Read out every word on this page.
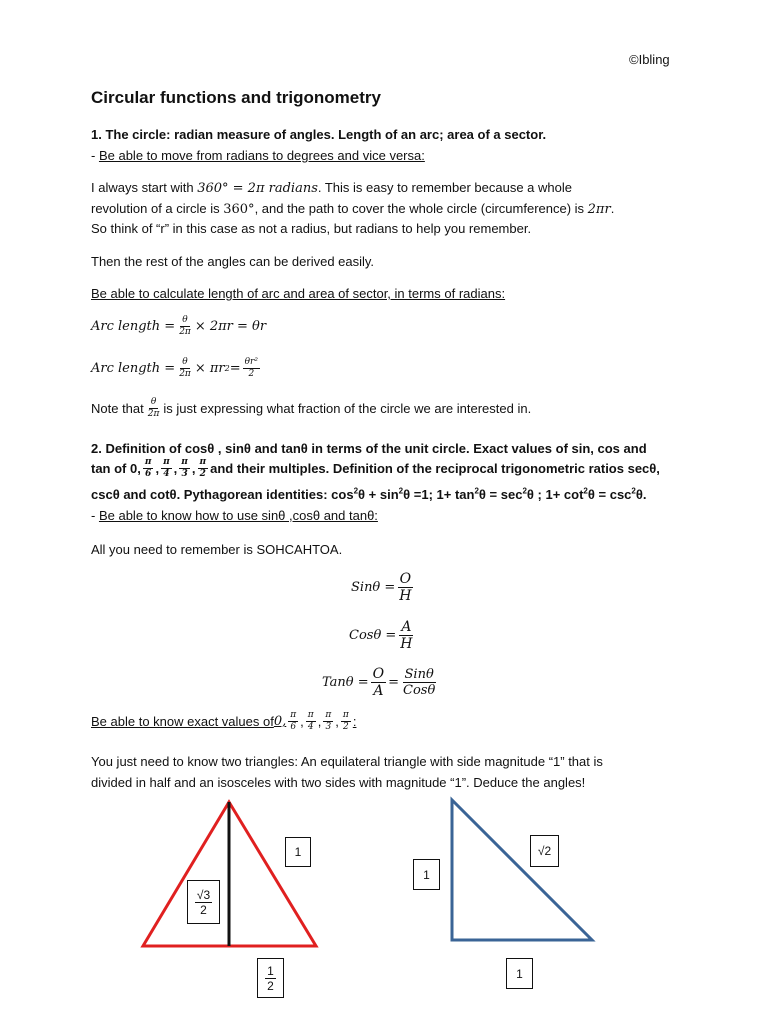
©Ibling
Circular functions and trigonometry
1. The circle: radian measure of angles. Length of an arc; area of a sector.
- Be able to move from radians to degrees and vice versa:
I always start with 360° = 2π radians. This is easy to remember because a whole
revolution of a circle is 360°, and the path to cover the whole circle (circumference) is 2πr.
So think of “r” in this case as not a radius, but radians to help you remember.
Then the rest of the angles can be derived easily.
Be able to calculate length of arc and area of sector, in terms of radians:
Arc length = $\frac{\theta}{2\pi} \times 2\pi r = \theta r$
Arc length = $\frac{\theta}{2\pi} \times \pi r$ $2 = \frac{\text{θr²}}{2}$
Note that $\frac{\theta}{2\pi}$ is just expressing what fraction of the circle we are interested in.
2. Definition of cosθ , sinθ and tanθ in terms of the unit circle. Exact values of sin, cos and
tan of 0, $\frac{\pi}{6}$ , $\frac{\pi}{4}$ , $\frac{\pi}{3}$ , $\frac{\pi}{2}$ and their multiples. Definition of the reciprocal trigonometric ratios secθ,
cscθ and cotθ. Pythagorean identities: $\cos^2\theta + \sin^2\theta =1$; $1+ \tan^2\theta = \sec^2\theta$ ; $1+ \cot^2\theta = \csc^2\theta$.
- Be able to know how to use sinθ ,cosθ and tanθ:
All you need to remember is SOHCAHTOA.
$Sin\theta = \frac{O}{H}$
$Cos\theta = \frac{A}{H}$
$Tan\theta = \frac{O}{A} = \frac{\text{Sinθ}}{\text{Cosθ}}$
Be able to know exact values of 0, $\frac{\pi}{6}$ , $\frac{\pi}{4}$ , $\frac{\pi}{3}$ , $\frac{\pi}{2}$ :
You just need to know two triangles: An equilateral triangle with side magnitude “1” that is
divided in half and an isosceles with two sides with magnitude “1”. Deduce the angles!
1
$\frac{√3}{2}$
$\frac{1}{2}$
√2
1
1
